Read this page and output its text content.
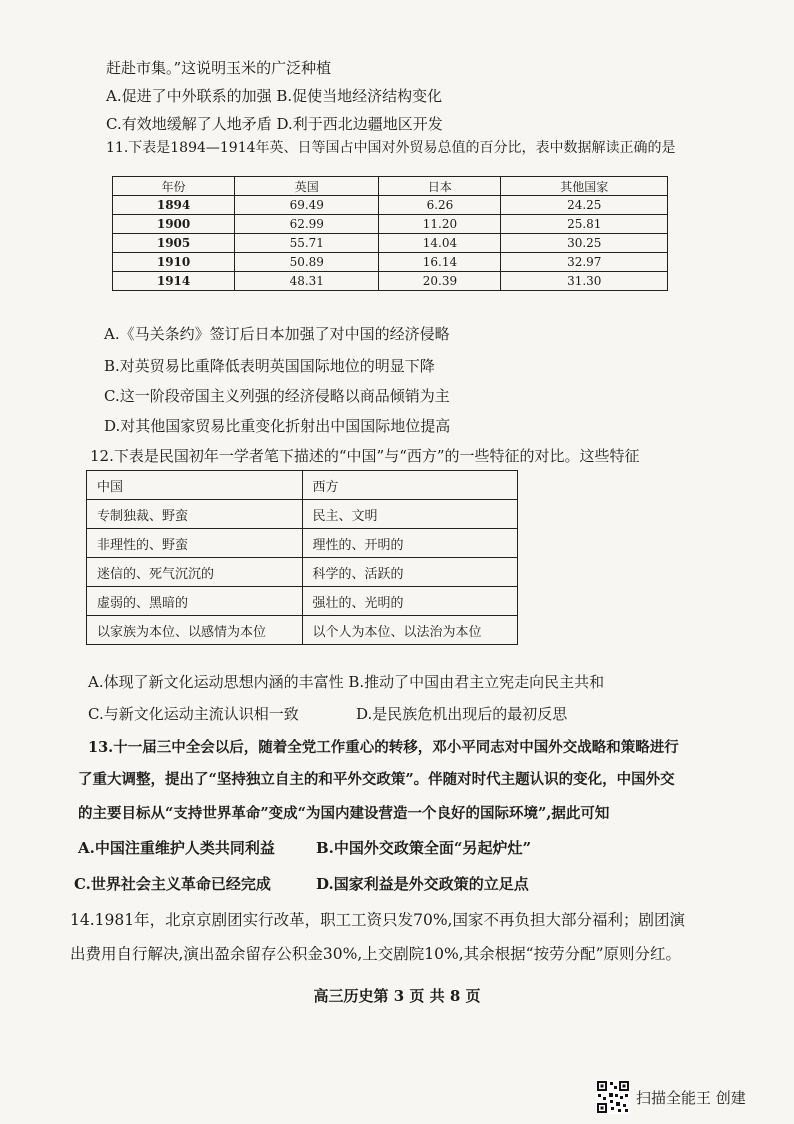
赶赴市集。”这说明玉米的广泛种植
A.促进了中外联系的加强 B.促使当地经济结构变化
C.有效地缓解了人地矛盾 D.利于西北边疆地区开发
11.下表是1894—1914年英、日等国占中国对外贸易总值的百分比，表中数据解读正确的是
年份	英国	日本	其他国家
1894	69.49	6.26	24.25
1900	62.99	11.20	25.81
1905	55.71	14.04	30.25
1910	50.89	16.14	32.97
1914	48.31	20.39	31.30
A.《马关条约》签订后日本加强了对中国的经济侵略
B.对英贸易比重降低表明英国国际地位的明显下降
C.这一阶段帝国主义列强的经济侵略以商品倾销为主
D.对其他国家贸易比重变化折射出中国国际地位提高
12.下表是民国初年一学者笔下描述的“中国”与“西方”的一些特征的对比。这些特征
中国	西方
专制独裁、野蛮	民主、文明
非理性的、野蛮	理性的、开明的
迷信的、死气沉沉的	科学的、活跃的
虚弱的、黑暗的	强壮的、光明的
以家族为本位、以感情为本位	以个人为本位、以法治为本位
A.体现了新文化运动思想内涵的丰富性 B.推动了中国由君主立宪走向民主共和
C.与新文化运动主流认识相一致	D.是民族危机出现后的最初反思
13.十一届三中全会以后，随着全党工作重心的转移，邓小平同志对中国外交战略和策略进行
了重大调整，提出了“坚持独立自主的和平外交政策”。伴随对时代主题认识的变化，中国外交
的主要目标从“支持世界革命”变成“为国内建设营造一个良好的国际环境”,据此可知
A.中国注重维护人类共同利益	B.中国外交政策全面“另起炉灶”
C.世界社会主义革命已经完成	D.国家利益是外交政策的立足点
14.1981年，北京京剧团实行改革，职工工资只发70%,国家不再负担大部分福利；剧团演
出费用自行解决,演出盈余留存公积金30%,上交剧院10%,其余根据“按劳分配”原则分红。
高三历史第 3 页 共 8 页
扫描全能王 创建
